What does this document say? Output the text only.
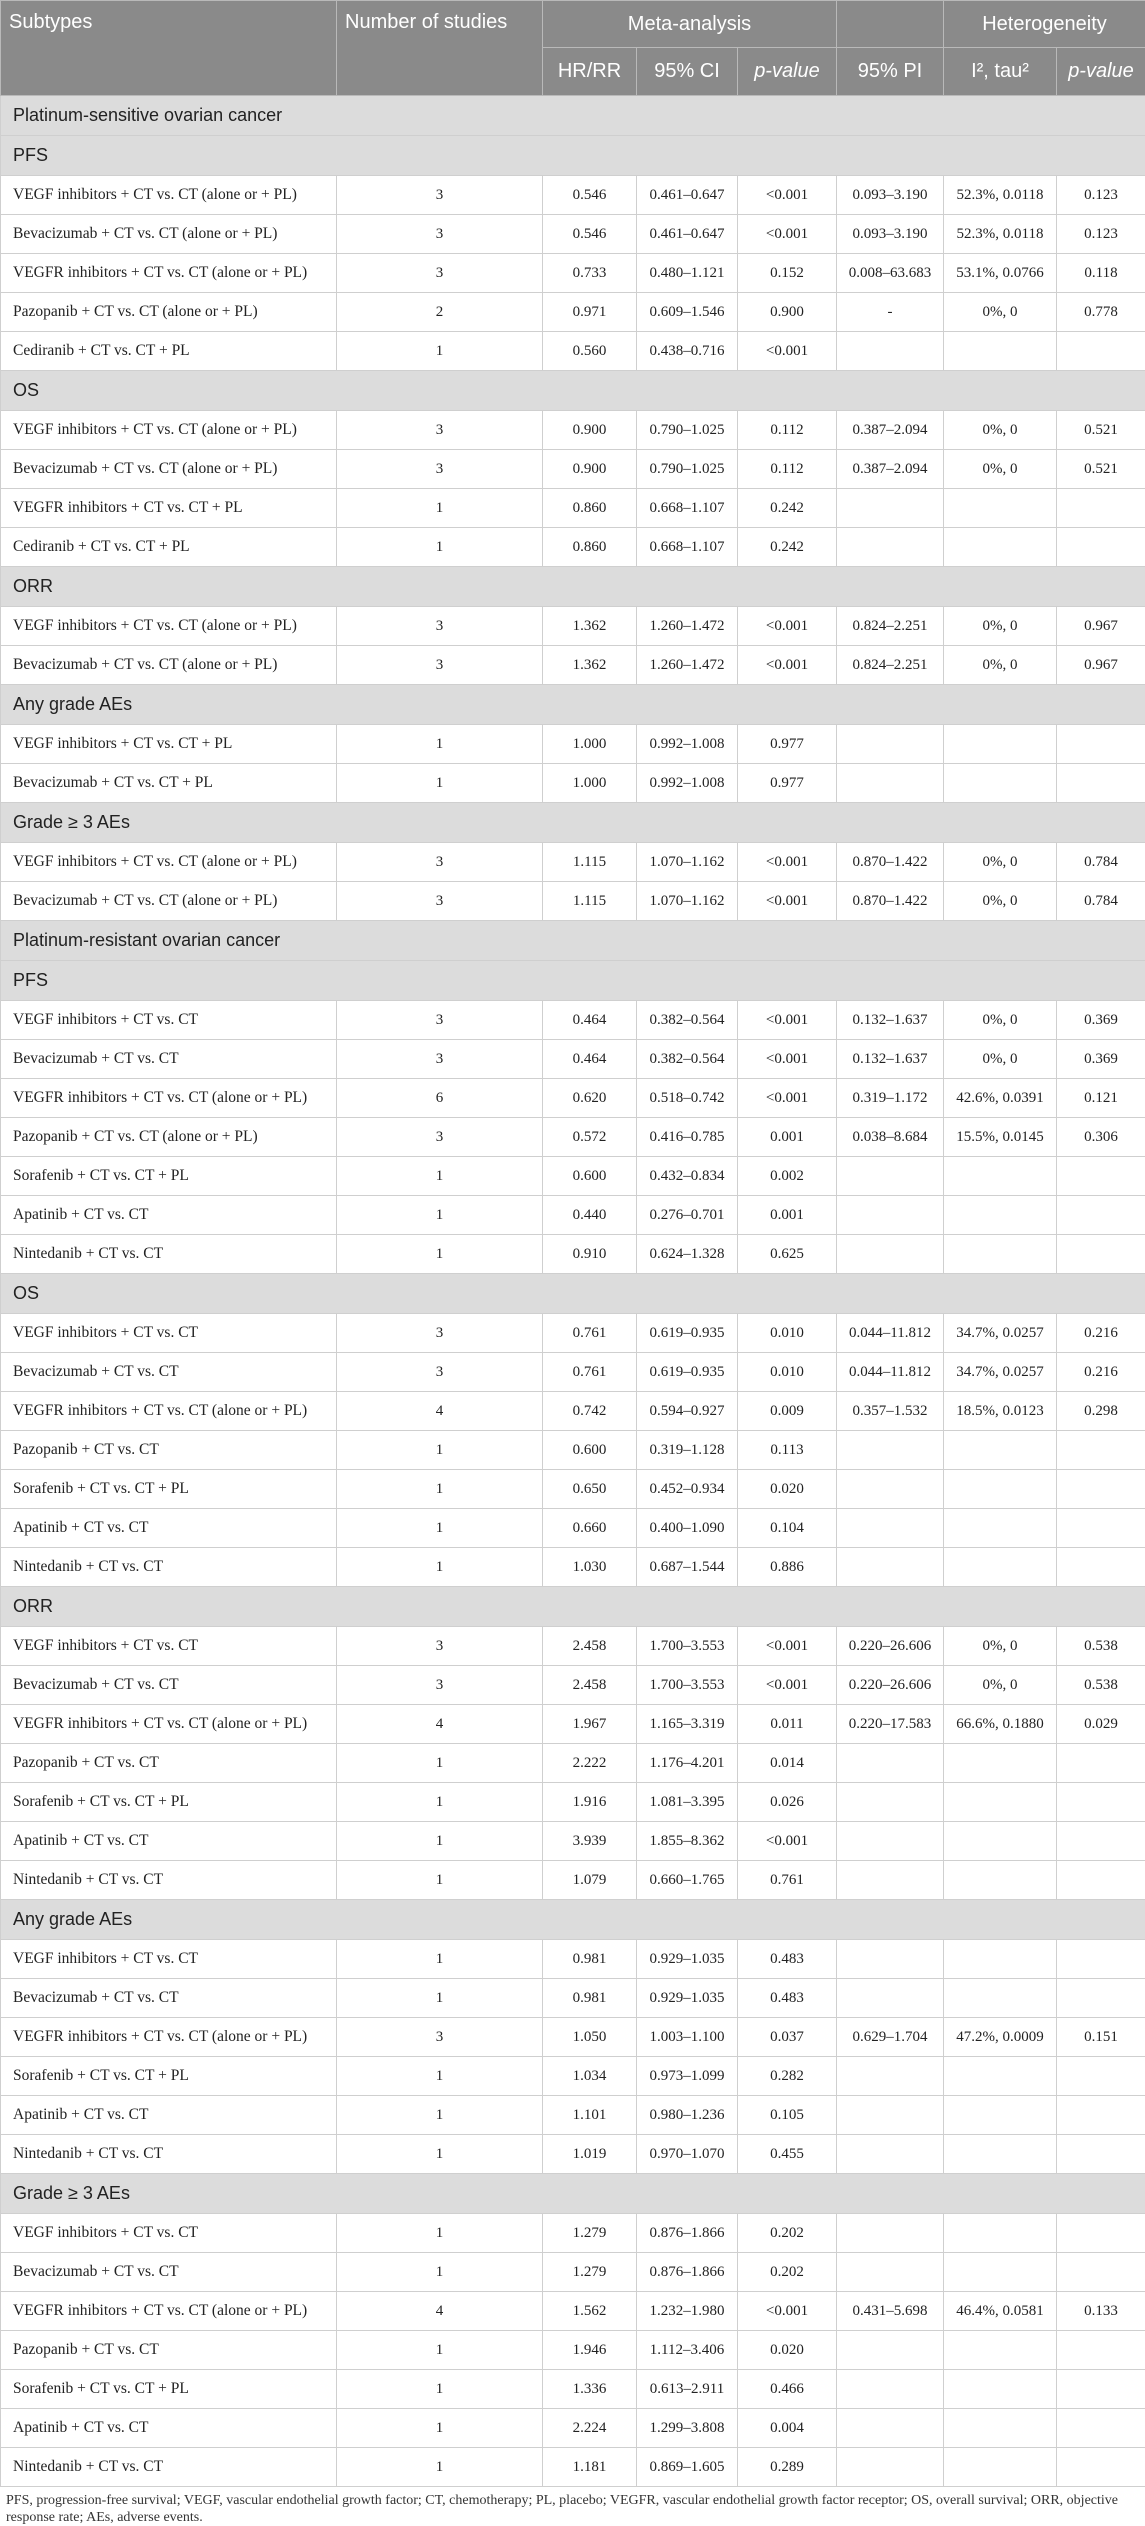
Subtypes	Number of studies	Meta-analysis				Heterogeneity	
		HR/RR	95% CI	p-value	95% PI	I², tau²	p-value
Platinum-sensitive ovarian cancer							
PFS							
VEGF inhibitors + CT vs. CT (alone or + PL)	3	0.546	0.461–0.647	<0.001	0.093–3.190	52.3%, 0.0118	0.123
Bevacizumab + CT vs. CT (alone or + PL)	3	0.546	0.461–0.647	<0.001	0.093–3.190	52.3%, 0.0118	0.123
VEGFR inhibitors + CT vs. CT (alone or + PL)	3	0.733	0.480–1.121	0.152	0.008–63.683	53.1%, 0.0766	0.118
Pazopanib + CT vs. CT (alone or + PL)	2	0.971	0.609–1.546	0.900	-	0%, 0	0.778
Cediranib + CT vs. CT + PL	1	0.560	0.438–0.716	<0.001			
OS							
VEGF inhibitors + CT vs. CT (alone or + PL)	3	0.900	0.790–1.025	0.112	0.387–2.094	0%, 0	0.521
Bevacizumab + CT vs. CT (alone or + PL)	3	0.900	0.790–1.025	0.112	0.387–2.094	0%, 0	0.521
VEGFR inhibitors + CT vs. CT + PL	1	0.860	0.668–1.107	0.242			
Cediranib + CT vs. CT + PL	1	0.860	0.668–1.107	0.242			
ORR							
VEGF inhibitors + CT vs. CT (alone or + PL)	3	1.362	1.260–1.472	<0.001	0.824–2.251	0%, 0	0.967
Bevacizumab + CT vs. CT (alone or + PL)	3	1.362	1.260–1.472	<0.001	0.824–2.251	0%, 0	0.967
Any grade AEs							
VEGF inhibitors + CT vs. CT + PL	1	1.000	0.992–1.008	0.977			
Bevacizumab + CT vs. CT + PL	1	1.000	0.992–1.008	0.977			
Grade ≥ 3 AEs							
VEGF inhibitors + CT vs. CT (alone or + PL)	3	1.115	1.070–1.162	<0.001	0.870–1.422	0%, 0	0.784
Bevacizumab + CT vs. CT (alone or + PL)	3	1.115	1.070–1.162	<0.001	0.870–1.422	0%, 0	0.784
Platinum-resistant ovarian cancer							
PFS							
VEGF inhibitors + CT vs. CT	3	0.464	0.382–0.564	<0.001	0.132–1.637	0%, 0	0.369
Bevacizumab + CT vs. CT	3	0.464	0.382–0.564	<0.001	0.132–1.637	0%, 0	0.369
VEGFR inhibitors + CT vs. CT (alone or + PL)	6	0.620	0.518–0.742	<0.001	0.319–1.172	42.6%, 0.0391	0.121
Pazopanib + CT vs. CT (alone or + PL)	3	0.572	0.416–0.785	0.001	0.038–8.684	15.5%, 0.0145	0.306
Sorafenib + CT vs. CT + PL	1	0.600	0.432–0.834	0.002			
Apatinib + CT vs. CT	1	0.440	0.276–0.701	0.001			
Nintedanib + CT vs. CT	1	0.910	0.624–1.328	0.625			
OS							
VEGF inhibitors + CT vs. CT	3	0.761	0.619–0.935	0.010	0.044–11.812	34.7%, 0.0257	0.216
Bevacizumab + CT vs. CT	3	0.761	0.619–0.935	0.010	0.044–11.812	34.7%, 0.0257	0.216
VEGFR inhibitors + CT vs. CT (alone or + PL)	4	0.742	0.594–0.927	0.009	0.357–1.532	18.5%, 0.0123	0.298
Pazopanib + CT vs. CT	1	0.600	0.319–1.128	0.113			
Sorafenib + CT vs. CT + PL	1	0.650	0.452–0.934	0.020			
Apatinib + CT vs. CT	1	0.660	0.400–1.090	0.104			
Nintedanib + CT vs. CT	1	1.030	0.687–1.544	0.886			
ORR							
VEGF inhibitors + CT vs. CT	3	2.458	1.700–3.553	<0.001	0.220–26.606	0%, 0	0.538
Bevacizumab + CT vs. CT	3	2.458	1.700–3.553	<0.001	0.220–26.606	0%, 0	0.538
VEGFR inhibitors + CT vs. CT (alone or + PL)	4	1.967	1.165–3.319	0.011	0.220–17.583	66.6%, 0.1880	0.029
Pazopanib + CT vs. CT	1	2.222	1.176–4.201	0.014			
Sorafenib + CT vs. CT + PL	1	1.916	1.081–3.395	0.026			
Apatinib + CT vs. CT	1	3.939	1.855–8.362	<0.001			
Nintedanib + CT vs. CT	1	1.079	0.660–1.765	0.761			
Any grade AEs							
VEGF inhibitors + CT vs. CT	1	0.981	0.929–1.035	0.483			
Bevacizumab + CT vs. CT	1	0.981	0.929–1.035	0.483			
VEGFR inhibitors + CT vs. CT (alone or + PL)	3	1.050	1.003–1.100	0.037	0.629–1.704	47.2%, 0.0009	0.151
Sorafenib + CT vs. CT + PL	1	1.034	0.973–1.099	0.282			
Apatinib + CT vs. CT	1	1.101	0.980–1.236	0.105			
Nintedanib + CT vs. CT	1	1.019	0.970–1.070	0.455			
Grade ≥ 3 AEs							
VEGF inhibitors + CT vs. CT	1	1.279	0.876–1.866	0.202			
Bevacizumab + CT vs. CT	1	1.279	0.876–1.866	0.202			
VEGFR inhibitors + CT vs. CT (alone or + PL)	4	1.562	1.232–1.980	<0.001	0.431–5.698	46.4%, 0.0581	0.133
Pazopanib + CT vs. CT	1	1.946	1.112–3.406	0.020			
Sorafenib + CT vs. CT + PL	1	1.336	0.613–2.911	0.466			
Apatinib + CT vs. CT	1	2.224	1.299–3.808	0.004			
Nintedanib + CT vs. CT	1	1.181	0.869–1.605	0.289			
PFS, progression-free survival; VEGF, vascular endothelial growth factor; CT, chemotherapy; PL, placebo; VEGFR, vascular endothelial growth factor receptor; OS, overall survival; ORR, objective response rate; AEs, adverse events.
